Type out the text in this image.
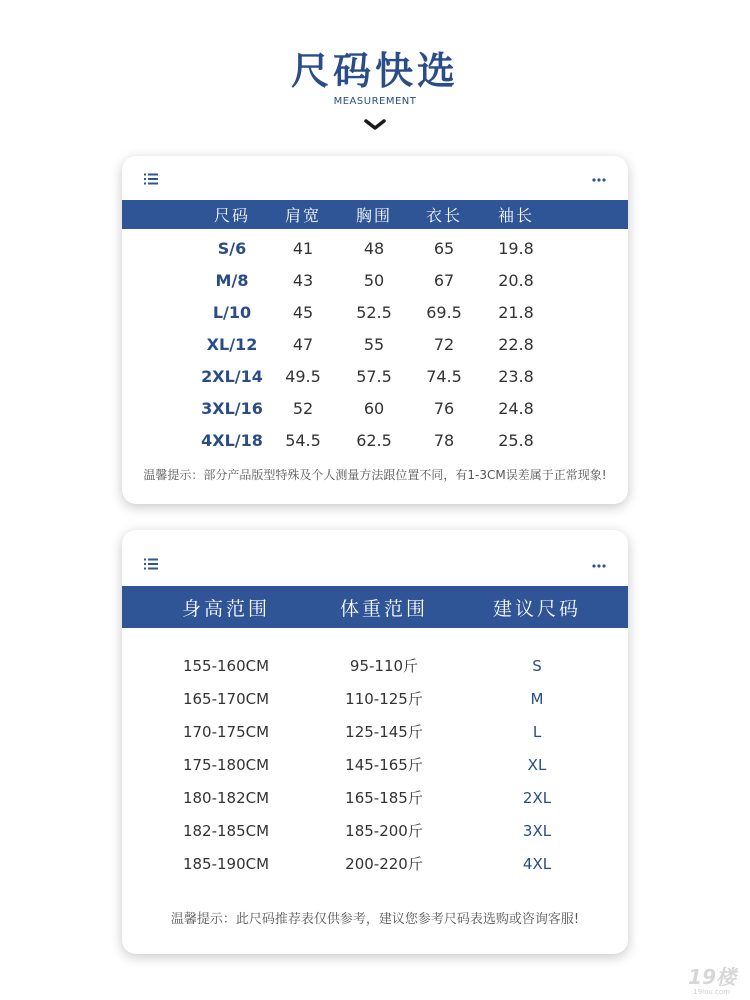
尺码快选
MEASUREMENT
尺码 肩宽 胸围 衣长 袖长
S/6	41	48	65	19.8
M/8	43	50	67	20.8
L/10	45	52.5 69.5 21.8
XL/12 47	55	72	22.8
2XL/14 49.5 57.5 74.5 23.8
3XL/16 52	60	76	24.8
4XL/18 54.5 62.5	78	25.8
温馨提示：部分产品版型特殊及个人测量方法跟位置不同，有1-3CM误差属于正常现象!
身高范围	体重范围	建议尺码
155-160CM	95-110斤	S
165-170CM	110-125斤	M
170-175CM	125-145斤	L
175-180CM	145-165斤	XL
180-182CM	165-185斤	2XL
182-185CM	185-200斤	3XL
185-190CM	200-220斤	4XL
温馨提示：此尺码推荐表仅供参考，建议您参考尺码表选购或咨询客服!
19楼
19lou.com
